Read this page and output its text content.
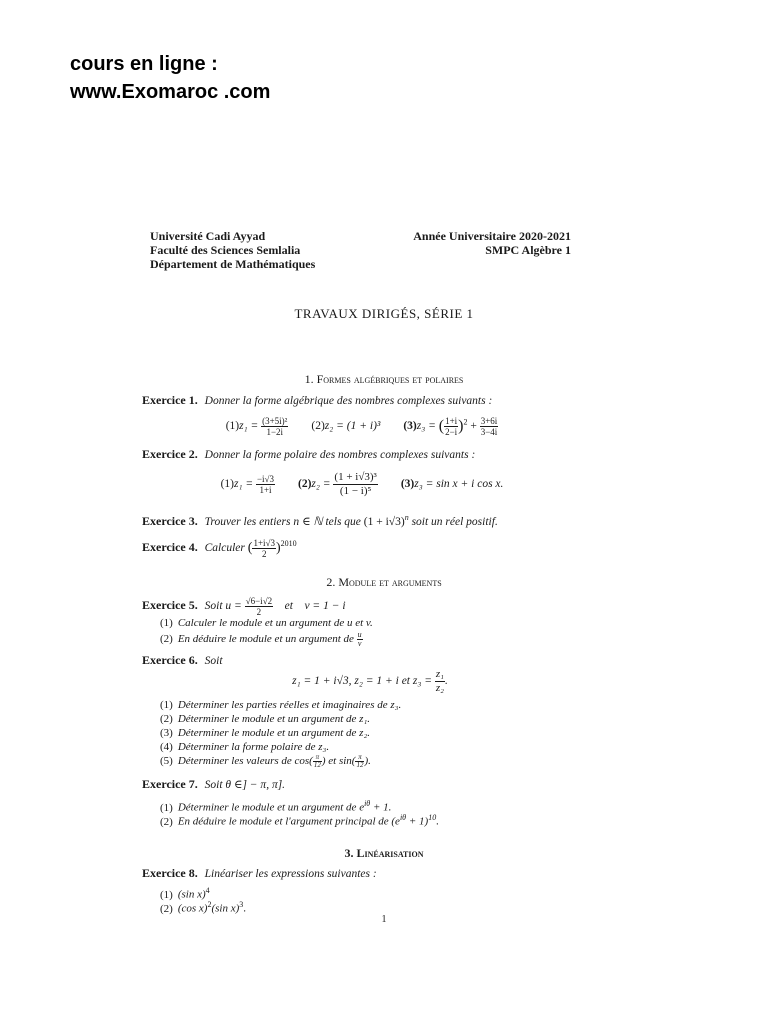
cours en ligne :
www.Exomaroc .com
Université Cadi Ayyad
Faculté des Sciences Semlalia
Département de Mathématiques
Année Universitaire 2020-2021
SMPC Algèbre 1
TRAVAUX DIRIGÉS, SÉRIE 1
1. Formes algébriques et polaires
Exercice 1. Donner la forme algébrique des nombres complexes suivants :
$(1)z_1 = \frac{\text{(3+5i)²}}{1-2i} (2)z_2 = (1 + i)^3$ (3)z₃ = ( $\frac{1+i}{2-i} )^2 + \frac{3+6i}{3-4i}$
Exercice 2. Donner la forme polaire des nombres complexes suivants :
$(1)z_1 = \frac{-i√3}{1+i} (2)z_2 = \frac{\text{(1 + i√3)³}}{\text{(1 − i)⁵}} (3)z_3 = \sin x + i$ cos x.
Exercice 3. Trouver les entiers n ∈ ℕ tels que $(1 + i√3)^n$ soit un réel positif.
Exercice 4. Calculer ( $\frac{1+i√3}{2} )^{2010}$
2. Module et arguments
Exercice 5. Soit $u = \frac{√6-i√2}{2}$ et v = 1 − i
(1) Calculer le module et un argument de u et v.
(2) En déduire le module et un argument de $\frac{u}{v}$
Exercice 6. Soit
z₁ = 1 + i√3, z₂ = 1 + i et $z_3 = \frac{\text{z₁}}{\text{z₂}}$ .
(1) Déterminer les parties réelles et imaginaires de z₃.
(2) Déterminer le module et un argument de z₁.
(3) Déterminer le module et un argument de z₂.
(4) Déterminer la forme polaire de z₃.
(5) Déterminer les valeurs de $\cos( \frac{\pi}{12}$ ) et $\sin( \frac{\pi}{12}$ ).
Exercice 7. Soit θ ∈] − π, π].
(1) Déterminer le module et un argument de $e^{i\theta} + 1$.
(2) En déduire le module et l'argument principal de $(e^{i\theta} + 1)^{10}$.
3. Linéarisation
Exercice 8. Linéariser les expressions suivantes :
(1) (sin x)$^4$
(2) (cos x)$^2$(sin x)$^3$.
1
